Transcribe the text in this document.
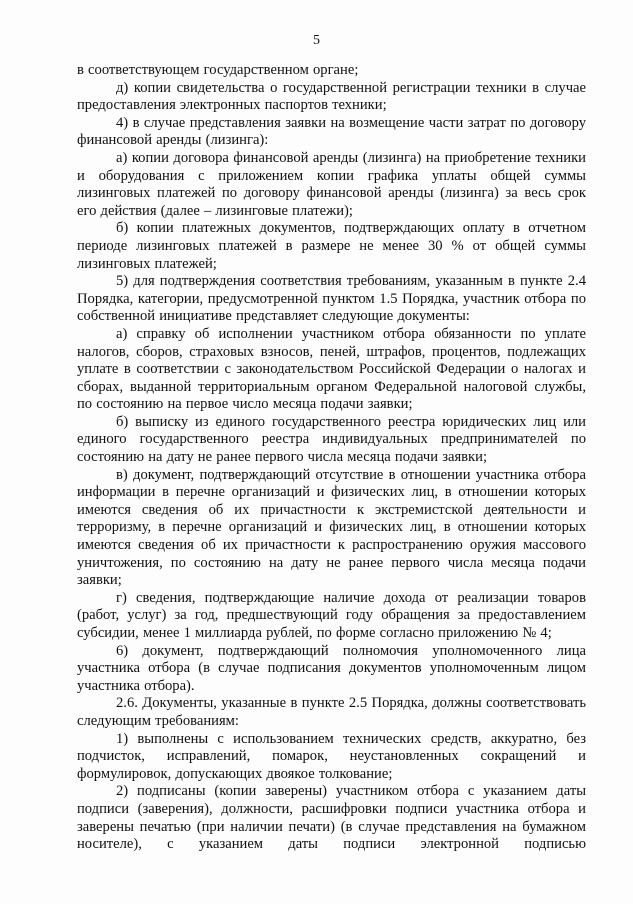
5

в соответствующем государственном органе;

д) копии свидетельства о государственной регистрации техники в случае предоставления электронных паспортов техники;

4) в случае представления заявки на возмещение части затрат по договору финансовой аренды (лизинга):

а) копии договора финансовой аренды (лизинга) на приобретение техники и оборудования с приложением копии графика уплаты общей суммы лизинговых платежей по договору финансовой аренды (лизинга) за весь срок его действия (далее – лизинговые платежи);

б) копии платежных документов, подтверждающих оплату в отчетном периоде лизинговых платежей в размере не менее 30 % от общей суммы лизинговых платежей;

5) для подтверждения соответствия требованиям, указанным в пункте 2.4 Порядка, категории, предусмотренной пунктом 1.5 Порядка, участник отбора по собственной инициативе представляет следующие документы:

а) справку об исполнении участником отбора обязанности по уплате налогов, сборов, страховых взносов, пеней, штрафов, процентов, подлежащих уплате в соответствии с законодательством Российской Федерации о налогах и сборах, выданной территориальным органом Федеральной налоговой службы, по состоянию на первое число месяца подачи заявки;

б) выписку из единого государственного реестра юридических лиц или единого государственного реестра индивидуальных предпринимателей по состоянию на дату не ранее первого числа месяца подачи заявки;

в) документ, подтверждающий отсутствие в отношении участника отбора информации в перечне организаций и физических лиц, в отношении которых имеются сведения об их причастности к экстремистской деятельности и терроризму, в перечне организаций и физических лиц, в отношении которых имеются сведения об их причастности к распространению оружия массового уничтожения, по состоянию на дату не ранее первого числа месяца подачи заявки;

г) сведения, подтверждающие наличие дохода от реализации товаров (работ, услуг) за год, предшествующий году обращения за предоставлением субсидии, менее 1 миллиарда рублей, по форме согласно приложению № 4;

6) документ, подтверждающий полномочия уполномоченного лица участника отбора (в случае подписания документов уполномоченным лицом участника отбора).

2.6. Документы, указанные в пункте 2.5 Порядка, должны соответствовать следующим требованиям:

1) выполнены с использованием технических средств, аккуратно, без подчисток, исправлений, помарок, неустановленных сокращений и формулировок, допускающих двоякое толкование;

2) подписаны (копии заверены) участником отбора с указанием даты подписи (заверения), должности, расшифровки подписи участника отбора и заверены печатью (при наличии печати) (в случае представления на бумажном носителе), с указанием даты подписи электронной подписью
